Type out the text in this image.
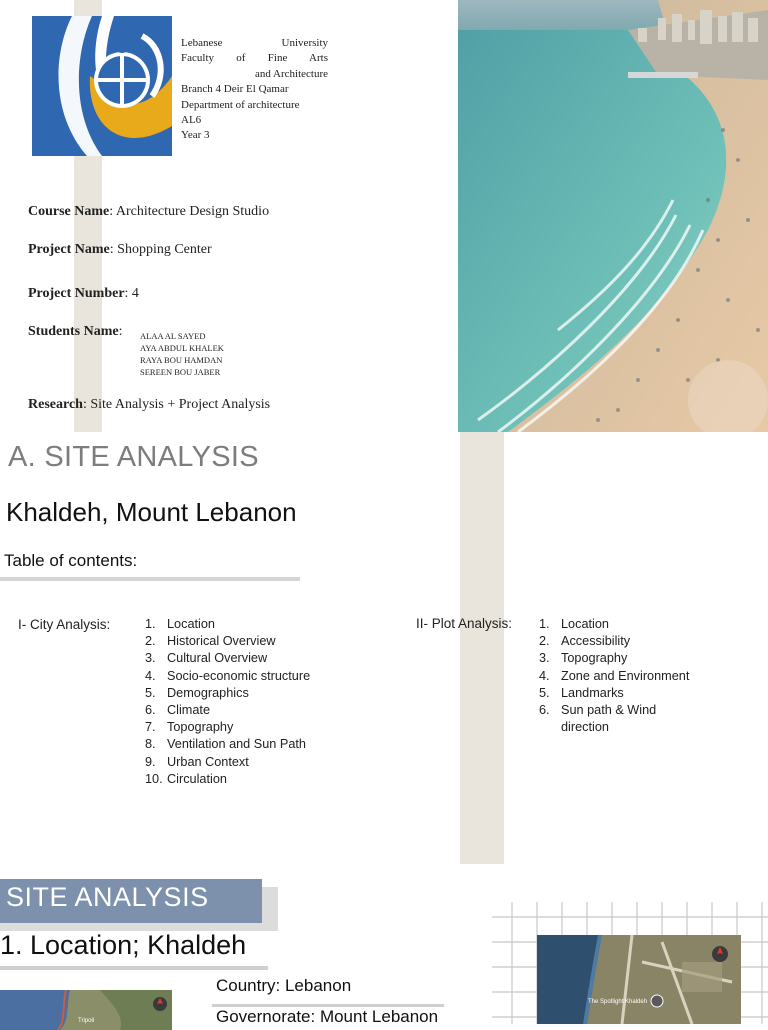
Lebanese University
Faculty of Fine Arts
and Architecture
Branch 4 Deir El Qamar
Department of architecture
AL6
Year 3
Course Name: Architecture Design Studio
Project Name: Shopping Center
Project Number: 4
Students Name: ALAA AL SAYED
AYA ABDUL KHALEK
RAYA BOU HAMDAN
SEREEN BOU JABER
Research: Site Analysis + Project Analysis
A. SITE ANALYSIS
Khaldeh, Mount Lebanon
Table of contents:
I- City Analysis:	1. Location
2. Historical Overview
3. Cultural Overview
4. Socio-economic structure
5. Demographics
6. Climate
7. Topography
8. Ventilation and Sun Path
9. Urban Context
10. Circulation
II- Plot Analysis: 1. Location
2. Accessibility
3. Topography
4. Zone and Environment
5. Landmarks
6. Sun path & Wind
direction
SITE ANALYSIS
1. Location; Khaldeh
Country: Lebanon
Governorate: Mount Lebanon
Tripoli
The Spotlight Khaldeh
